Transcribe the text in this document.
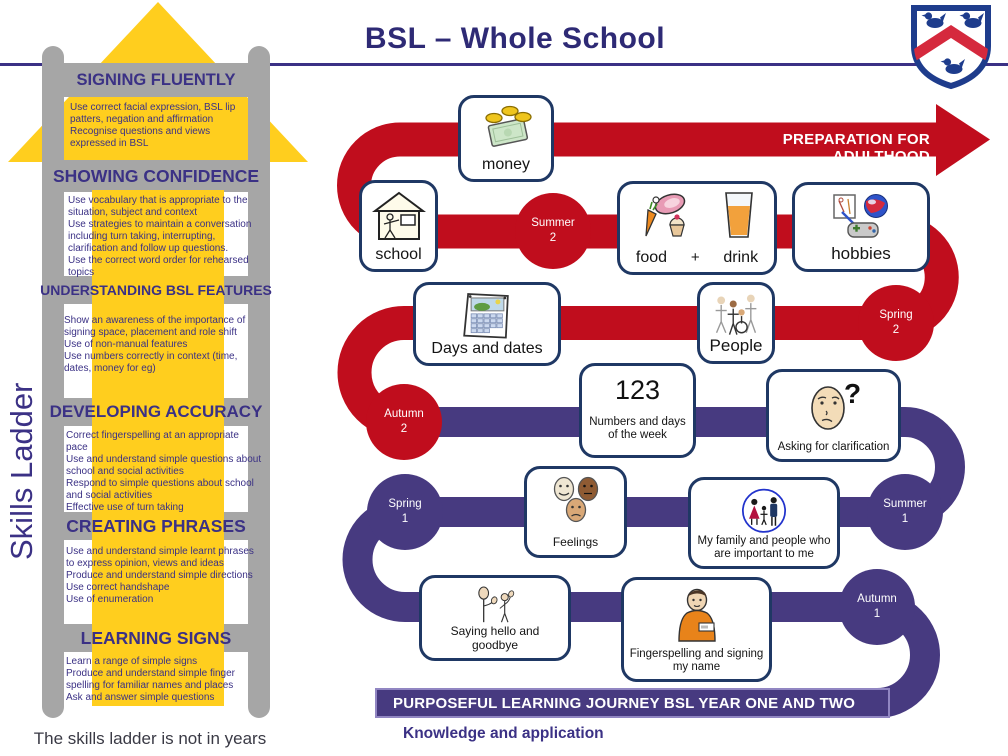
BSL – Whole School
SIGNING FLUENTLY
SHOWING CONFIDENCE
UNDERSTANDING BSL FEATURES
DEVELOPING ACCURACY
CREATING PHRASES
LEARNING SIGNS
Use correct facial expression, BSL lip patters, negation and affirmation
Recognise questions and views expressed in BSL
Use vocabulary that is appropriate to the situation, subject and context
Use strategies to maintain a conversation including turn taking, interrupting, clarification and follow up questions.
Use the correct word order for rehearsed topics
Show an awareness of the importance of signing space, placement and role shift
Use of non-manual features
Use numbers correctly in context (time, dates, money for eg)
Correct fingerspelling at an appropriate pace
Use and understand simple questions about school and social activities
Respond to simple questions about school and social activities
Effective use of turn taking
Use and understand simple learnt phrases to express opinion, views and ideas
Produce and understand simple directions
Use correct handshape
Use of enumeration
Learn a range of simple signs
Produce and understand simple finger spelling for familiar names and places
Ask and answer simple questions
Skills Ladder
The skills ladder is not in years
PREPARATION FOR ADULTHOOD
Summer
2
Spring
2
Autumn
2
Spring
1
Summer
1
Autumn
1
money
school	food + drink	hobbies
Days and dates	People
123
Numbers and days of the week
?
Asking for clarification
Feelings	My family and people who are important to me
Saying hello and goodbye
Fingerspelling and signing my name
PURPOSEFUL LEARNING JOURNEY BSL YEAR ONE AND TWO
Knowledge and application
